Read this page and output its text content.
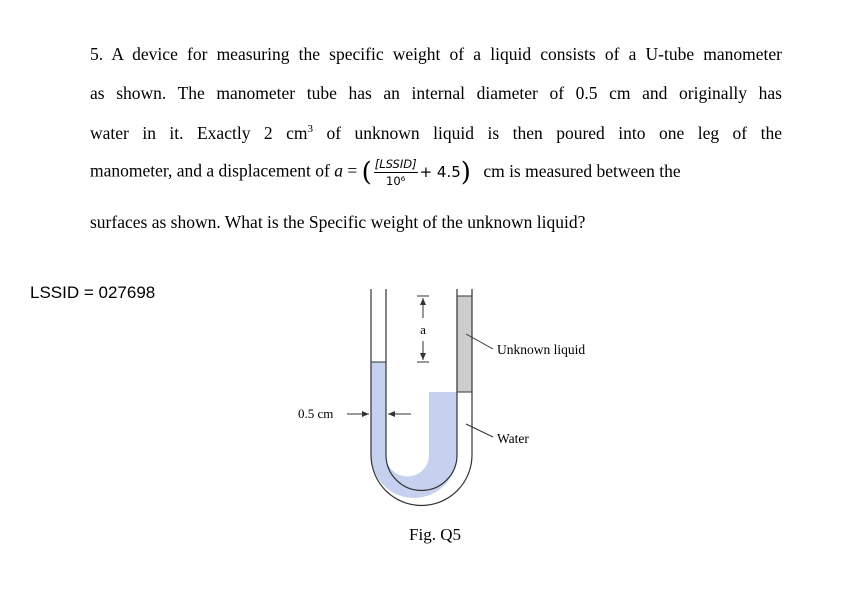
5. A device for measuring the specific weight of a liquid consists of a U-tube manometer
as shown. The manometer tube has an internal diameter of 0.5 cm and originally has
water in it. Exactly 2 $cm^3$ of unknown liquid is then poured into one leg of the
manometer, and a displacement of a = ( $\frac{\text{[LSSID]}}{\text{10⁶}} + 4.5$) cm is measured between the
surfaces as shown. What is the Specific weight of the unknown liquid?
LSSID = 027698
a
0.5 cm
Unknown liquid
Water
Fig. Q5
